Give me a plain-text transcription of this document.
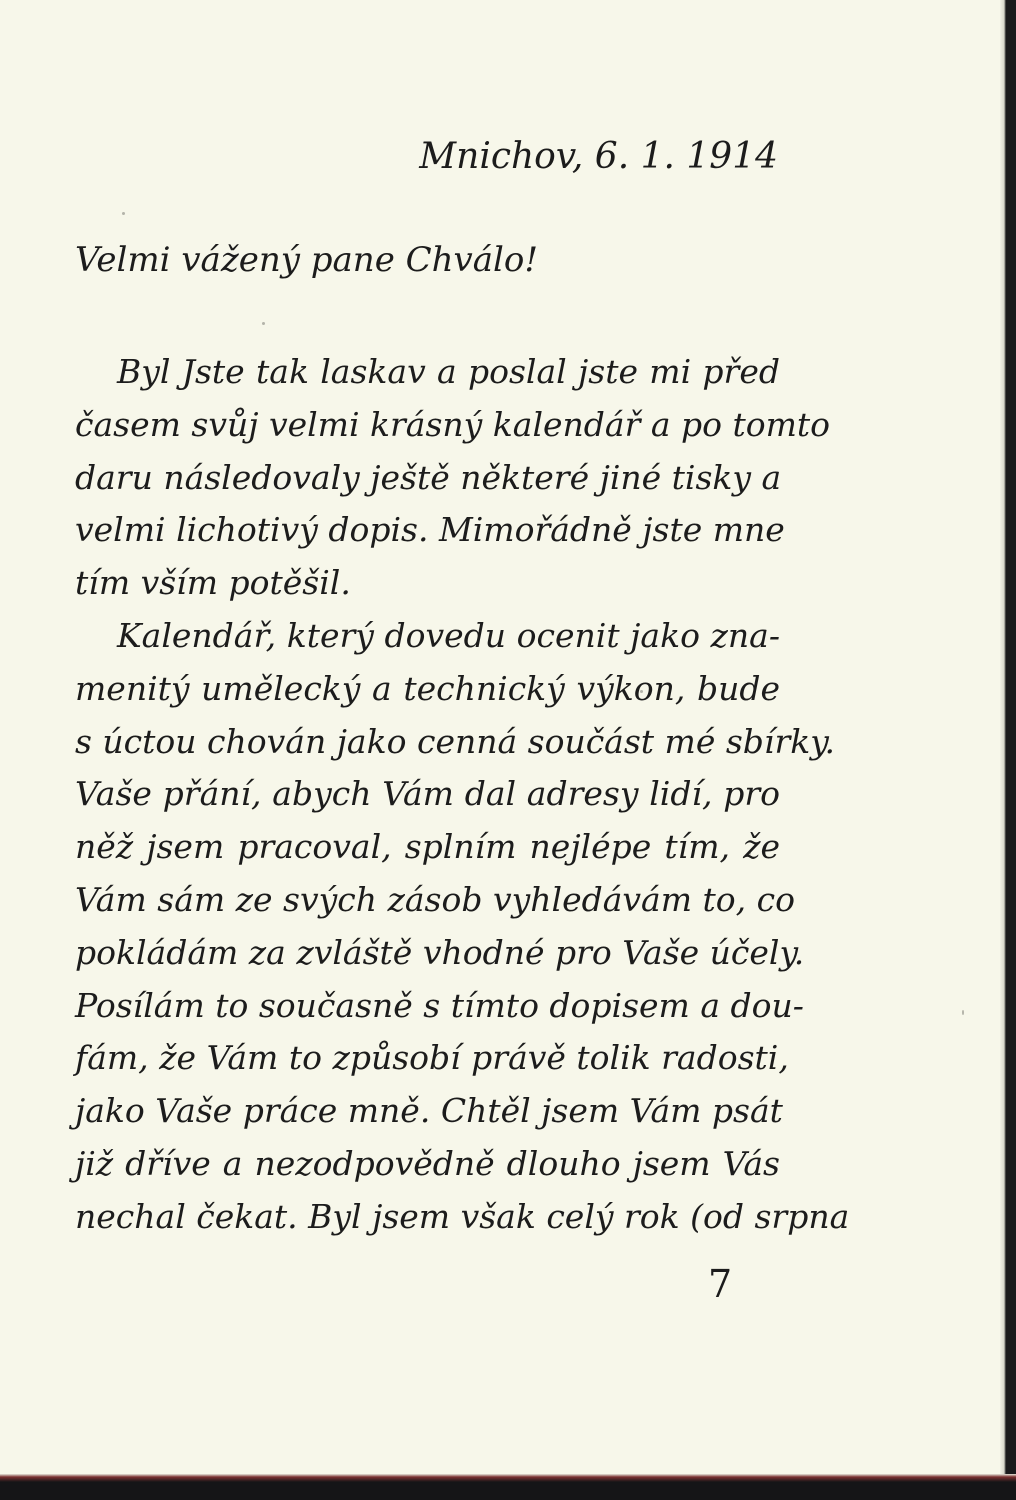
Mnichov, 6. 1. 1914
Velmi vážený pane Chválo!
Byl Jste tak laskav a poslal jste mi před
časem svůj velmi krásný kalendář a po tomto
daru následovaly ještě některé jiné tisky a
velmi lichotivý dopis. Mimořádně jste mne
tím vším potěšil.
Kalendář, který dovedu ocenit jako zna-
menitý umělecký a technický výkon, bude
s úctou chován jako cenná součást mé sbírky.
Vaše přání, abych Vám dal adresy lidí, pro
něž jsem pracoval, splním nejlépe tím, že
Vám sám ze svých zásob vyhledávám to, co
pokládám za zvláště vhodné pro Vaše účely.
Posílám to současně s tímto dopisem a dou-
fám, že Vám to způsobí právě tolik radosti,
jako Vaše práce mně. Chtěl jsem Vám psát
již dříve a nezodpovědně dlouho jsem Vás
nechal čekat. Byl jsem však celý rok (od srpna
7
